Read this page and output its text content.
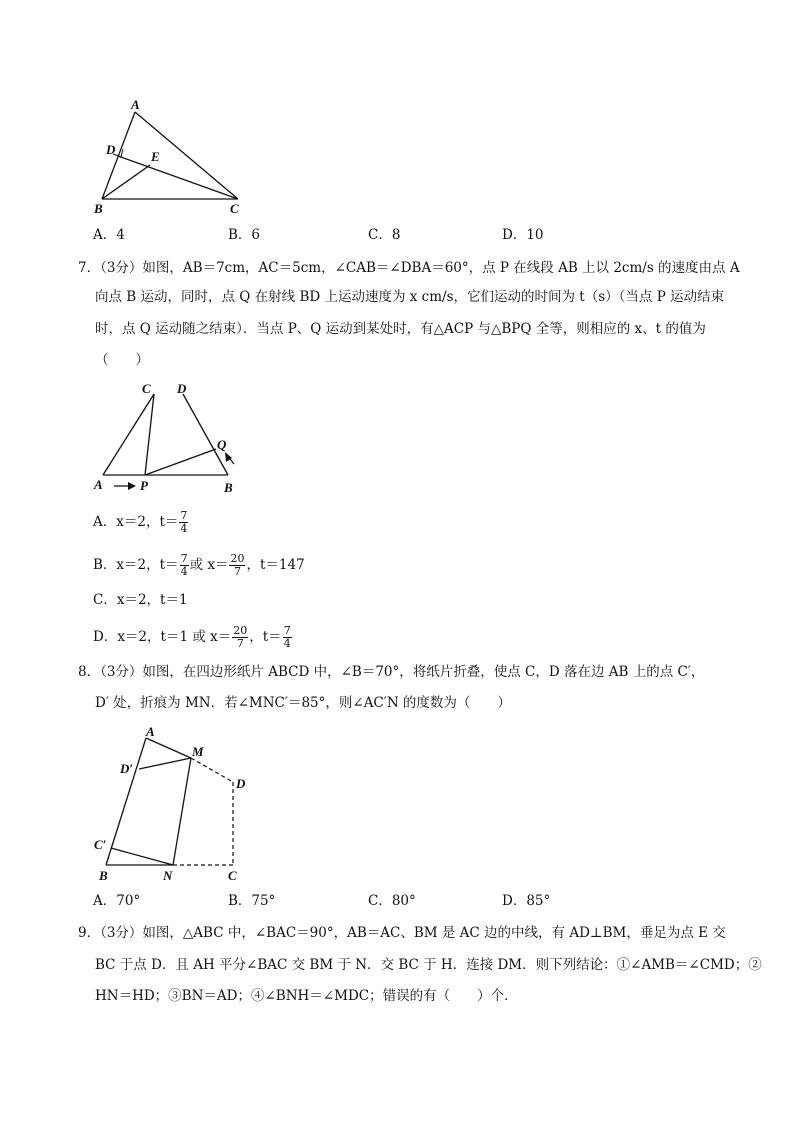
A
D	E
B	C
A．4	B．6	C．8	D．10
7．（3分）如图，AB＝7cm，AC＝5cm，∠CAB＝∠DBA＝60°，点 P 在线段 AB 上以 2cm/s 的速度由点 A
向点 B 运动，同时，点 Q 在射线 BD 上运动速度为 x cm/s，它们运动的时间为 t（s）（当点 P 运动结束
时，点 Q 运动随之结束）．当点 P、Q 运动到某处时，有△ACP 与△BPQ 全等，则相应的 x、t 的值为
（　　）
C D
Q
A	P	B
A．x＝2，$t= \frac{7}{4}$
B．x＝2，$t= \frac{7}{4}$ 或 $x= \frac{20}{7}$ ，t＝147
C．x＝2，t＝1
D．x＝2，t＝1 或 $x= \frac{20}{7}$ ，$t= \frac{7}{4}$
8．（3分）如图，在四边形纸片 ABCD 中，∠B＝70°，将纸片折叠，使点 C，D 落在边 AB 上的点 C′，
D′ 处，折痕为 MN．若∠MNC′＝85°，则∠AC′N 的度数为（　　）
A
M
D′
D
C′
B	N	C
A．70°	B．75°	C．80°	D．85°
9．（3分）如图，△ABC 中，∠BAC＝90°，AB＝AC、BM 是 AC 边的中线，有 AD⊥BM，垂足为点 E 交
BC 于点 D．且 AH 平分∠BAC 交 BM 于 N．交 BC 于 H．连接 DM．则下列结论：①∠AMB＝∠CMD；②
HN＝HD；③BN＝AD；④∠BNH＝∠MDC；错误的有（　　）个．
